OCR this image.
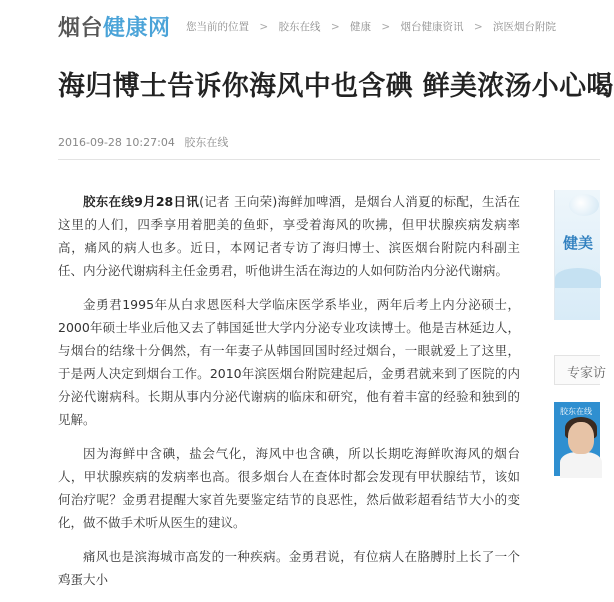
烟台健康网 您当前的位置 > 胶东在线 > 健康 > 烟台健康资讯 > 滨医烟台附院
海归博士告诉你海风中也含碘 鲜美浓汤小心喝
2016-09-28 10:27:04 胶东在线

胶东在线9月28日讯(记者 王向荣)海鲜加啤酒，是烟台人消夏的标配，生活在这里的人们，四季享用着肥美的鱼虾，享受着海风的吹拂，但甲状腺疾病发病率高，痛风的病人也多。近日，本网记者专访了海归博士、滨医烟台附院内科副主任、内分泌代谢病科主任金勇君，听他讲生活在海边的人如何防治内分泌代谢病。

金勇君1995年从白求恩医科大学临床医学系毕业，两年后考上内分泌硕士，2000年硕士毕业后他又去了韩国延世大学内分泌专业攻读博士。他是吉林延边人，与烟台的结缘十分偶然，有一年妻子从韩国回国时经过烟台，一眼就爱上了这里，于是两人决定到烟台工作。2010年滨医烟台附院建起后，金勇君就来到了医院的内分泌代谢病科。长期从事内分泌代谢病的临床和研究，他有着丰富的经验和独到的见解。

因为海鲜中含碘，盐会气化，海风中也含碘，所以长期吃海鲜吹海风的烟台人，甲状腺疾病的发病率也高。很多烟台人在查体时都会发现有甲状腺结节，该如何治疗呢？金勇君提醒大家首先要鉴定结节的良恶性，然后做彩超看结节大小的变化，做不做手术听从医生的建议。

痛风也是滨海城市高发的一种疾病。金勇君说，有位病人在胳膊肘上长了一个鸡蛋大小

健美
专家访
胶东在线
